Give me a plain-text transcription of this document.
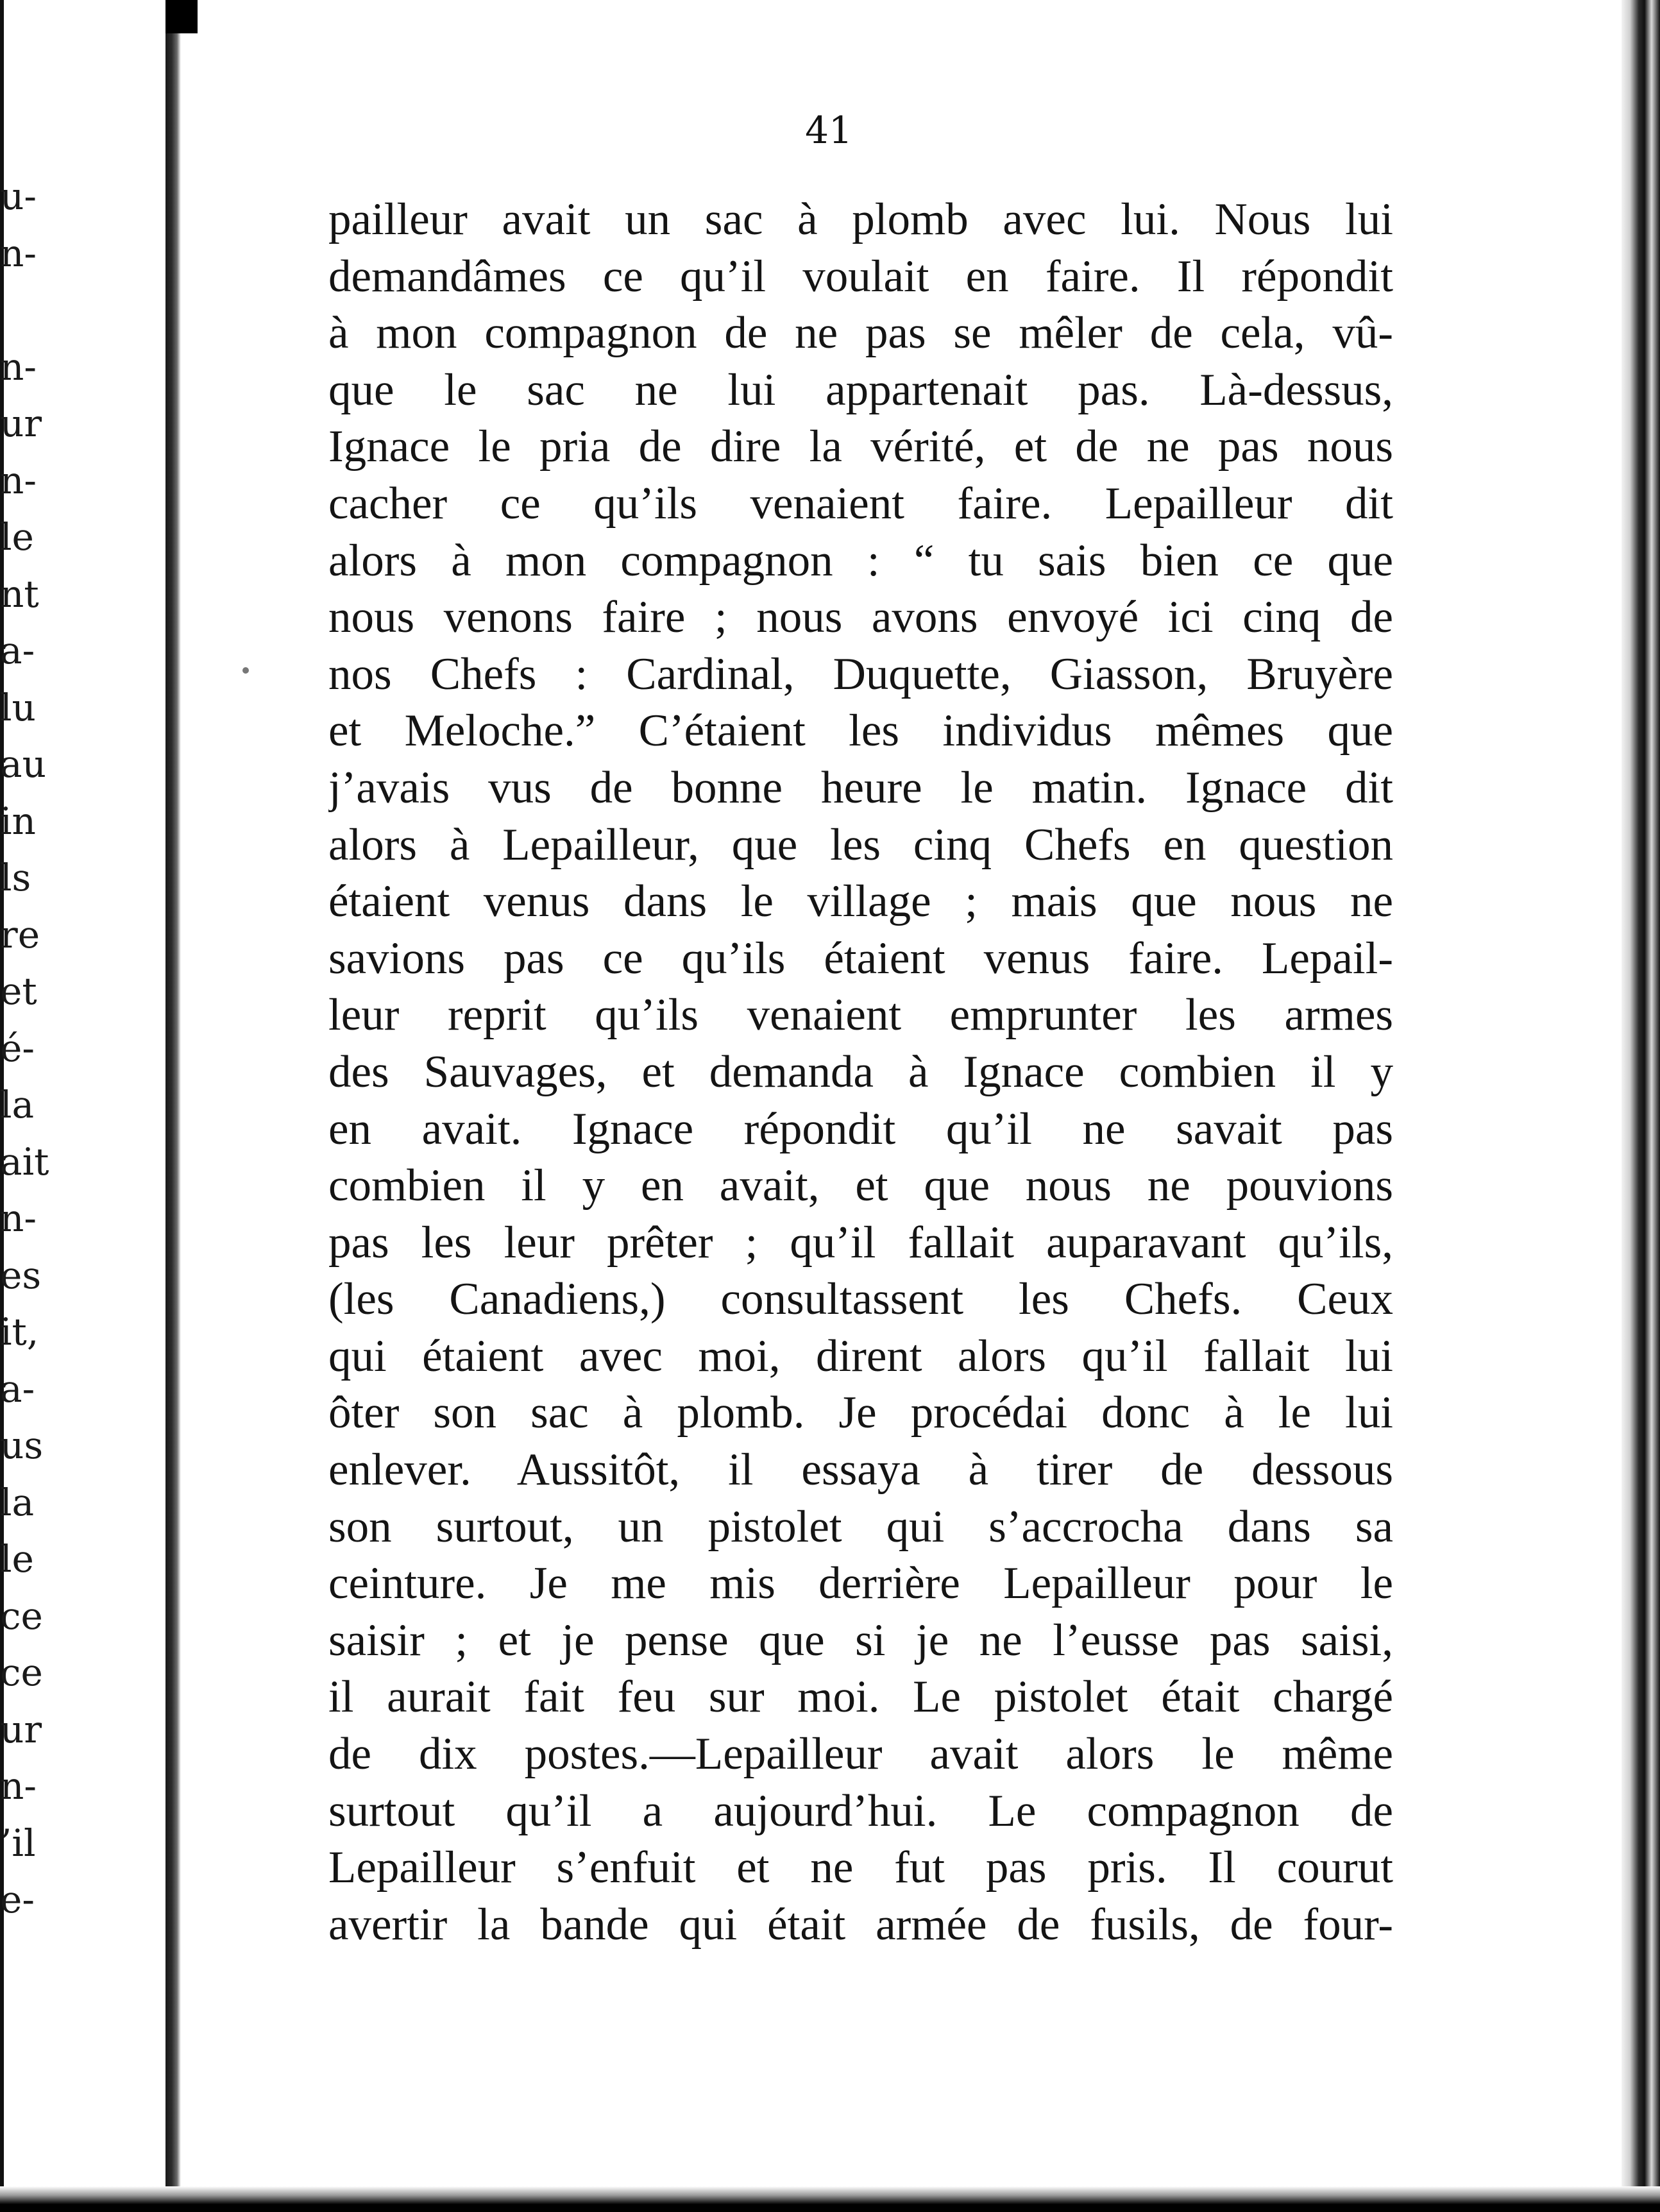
u-
n-
n-
ur
n-
le
nt
a-
lu
au
in
ls
re
et
é-
la
ait
n-
es
it,
a-
us
la
le
ce
ce
ur
n-
’il
e-
41
pailleur avait un sac à plomb avec lui. Nous lui
demandâmes ce qu’il voulait en faire. Il répondit
à mon compagnon de ne pas se mêler de cela, vû-
que le sac ne lui appartenait pas. Là-dessus,
Ignace le pria de dire la vérité, et de ne pas nous
cacher ce qu’ils venaient faire. Lepailleur dit
alors à mon compagnon : “ tu sais bien ce que
nous venons faire ; nous avons envoyé ici cinq de
nos Chefs : Cardinal, Duquette, Giasson, Bruyère
et Meloche.” C’étaient les individus mêmes que
j’avais vus de bonne heure le matin. Ignace dit
alors à Lepailleur, que les cinq Chefs en question
étaient venus dans le village ; mais que nous ne
savions pas ce qu’ils étaient venus faire. Lepail-
leur reprit qu’ils venaient emprunter les armes
des Sauvages, et demanda à Ignace combien il y
en avait. Ignace répondit qu’il ne savait pas
combien il y en avait, et que nous ne pouvions
pas les leur prêter ; qu’il fallait auparavant qu’ils,
(les Canadiens,) consultassent les Chefs. Ceux
qui étaient avec moi, dirent alors qu’il fallait lui
ôter son sac à plomb. Je procédai donc à le lui
enlever. Aussitôt, il essaya à tirer de dessous
son surtout, un pistolet qui s’accrocha dans sa
ceinture. Je me mis derrière Lepailleur pour le
saisir ; et je pense que si je ne l’eusse pas saisi,
il aurait fait feu sur moi. Le pistolet était chargé
de dix postes.—Lepailleur avait alors le même
surtout qu’il a aujourd’hui. Le compagnon de
Lepailleur s’enfuit et ne fut pas pris. Il courut
avertir la bande qui était armée de fusils, de four-
